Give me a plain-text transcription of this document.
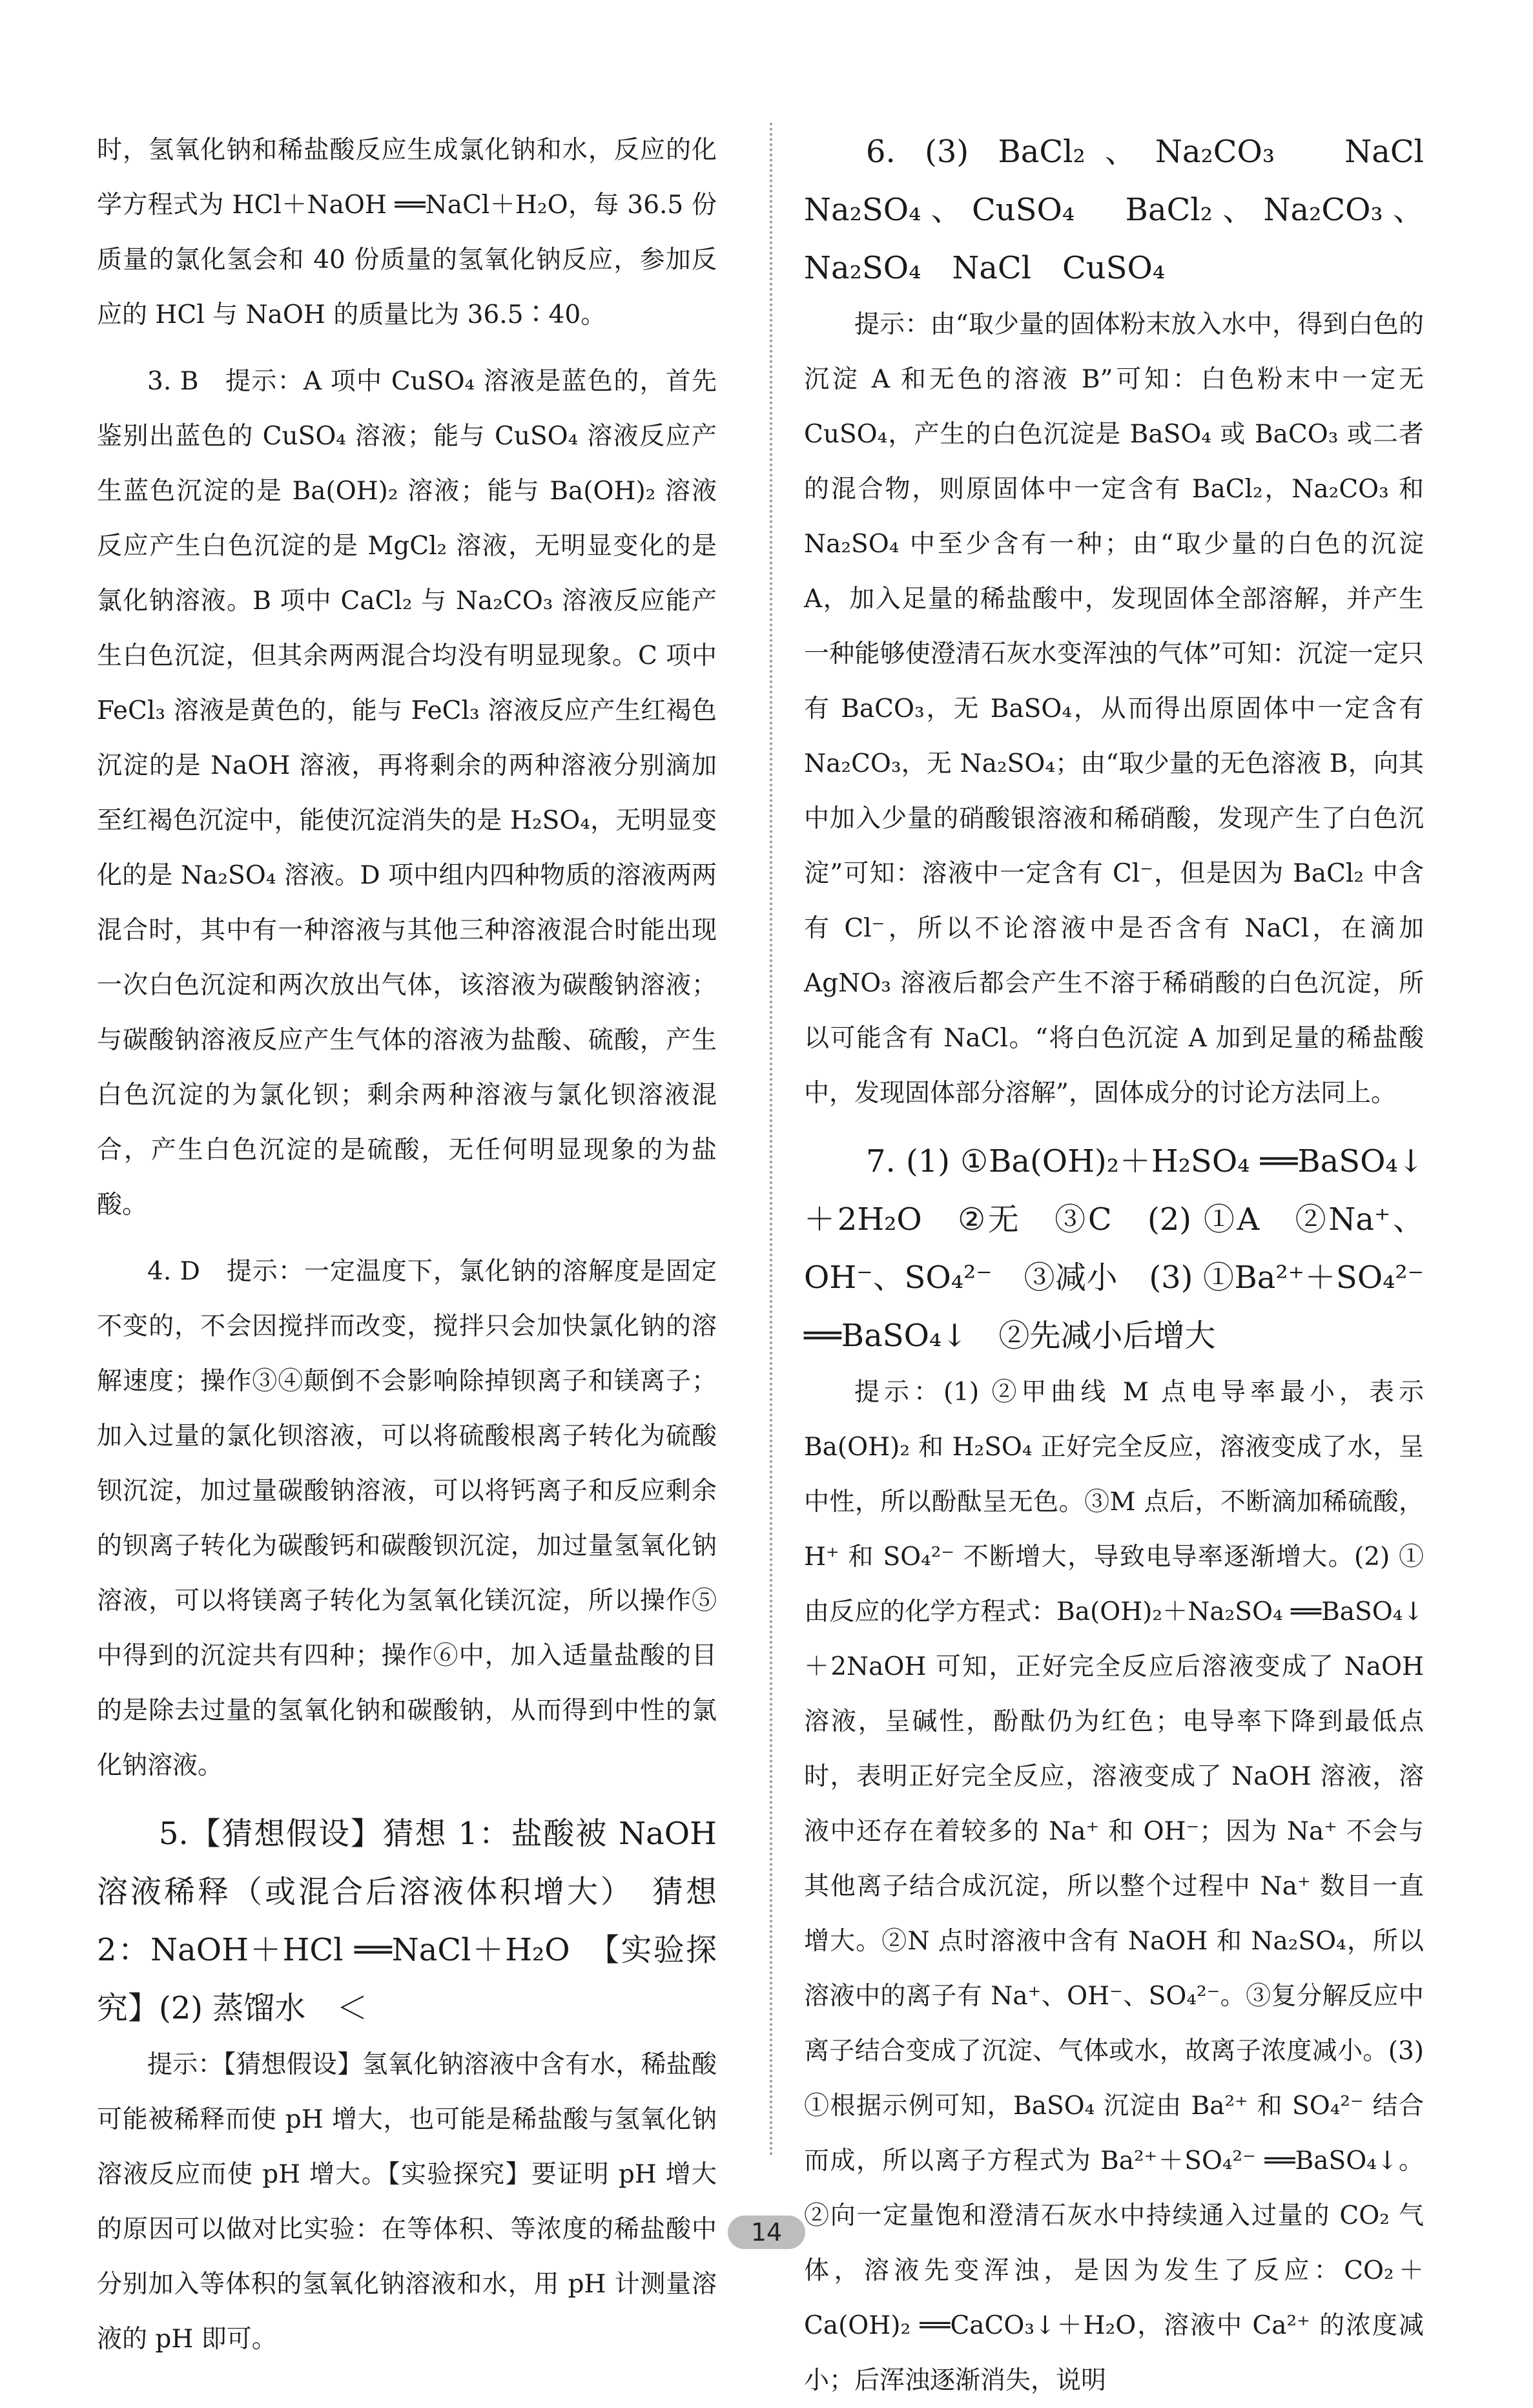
时，氢氧化钠和稀盐酸反应生成氯化钠和水，反应的化学方程式为 HCl＋NaOH ══NaCl＋H₂O，每 36.5 份质量的氯化氢会和 40 份质量的氢氧化钠反应，参加反应的 HCl 与 NaOH 的质量比为 36.5∶40。

3. B　提示：A 项中 CuSO₄ 溶液是蓝色的，首先鉴别出蓝色的 CuSO₄ 溶液；能与 CuSO₄ 溶液反应产生蓝色沉淀的是 Ba(OH)₂ 溶液；能与 Ba(OH)₂ 溶液反应产生白色沉淀的是 MgCl₂ 溶液，无明显变化的是氯化钠溶液。B 项中 CaCl₂ 与 Na₂CO₃ 溶液反应能产生白色沉淀，但其余两两混合均没有明显现象。C 项中 FeCl₃ 溶液是黄色的，能与 FeCl₃ 溶液反应产生红褐色沉淀的是 NaOH 溶液，再将剩余的两种溶液分别滴加至红褐色沉淀中，能使沉淀消失的是 H₂SO₄，无明显变化的是 Na₂SO₄ 溶液。D 项中组内四种物质的溶液两两混合时，其中有一种溶液与其他三种溶液混合时能出现一次白色沉淀和两次放出气体，该溶液为碳酸钠溶液；与碳酸钠溶液反应产生气体的溶液为盐酸、硫酸，产生白色沉淀的为氯化钡；剩余两种溶液与氯化钡溶液混合，产生白色沉淀的是硫酸，无任何明显现象的为盐酸。

4. D　提示：一定温度下，氯化钠的溶解度是固定不变的，不会因搅拌而改变，搅拌只会加快氯化钠的溶解速度；操作③④颠倒不会影响除掉钡离子和镁离子；加入过量的氯化钡溶液，可以将硫酸根离子转化为硫酸钡沉淀，加过量碳酸钠溶液，可以将钙离子和反应剩余的钡离子转化为碳酸钙和碳酸钡沉淀，加过量氢氧化钠溶液，可以将镁离子转化为氢氧化镁沉淀，所以操作⑤中得到的沉淀共有四种；操作⑥中，加入适量盐酸的目的是除去过量的氢氧化钠和碳酸钠，从而得到中性的氯化钠溶液。

5.【猜想假设】猜想 1：盐酸被 NaOH 溶液稀释（或混合后溶液体积增大）　猜想 2：NaOH＋HCl ══NaCl＋H₂O　【实验探究】(2) 蒸馏水　＜

提示：【猜想假设】氢氧化钠溶液中含有水，稀盐酸可能被稀释而使 pH 增大，也可能是稀盐酸与氢氧化钠溶液反应而使 pH 增大。【实验探究】要证明 pH 增大的原因可以做对比实验：在等体积、等浓度的稀盐酸中分别加入等体积的氢氧化钠溶液和水，用 pH 计测量溶液的 pH 即可。

6. (3) BaCl₂、Na₂CO₃　NaCl　Na₂SO₄、CuSO₄　BaCl₂、Na₂CO₃、Na₂SO₄　NaCl　CuSO₄

提示：由“取少量的固体粉末放入水中，得到白色的沉淀 A 和无色的溶液 B”可知：白色粉末中一定无 CuSO₄，产生的白色沉淀是 BaSO₄ 或 BaCO₃ 或二者的混合物，则原固体中一定含有 BaCl₂，Na₂CO₃ 和 Na₂SO₄ 中至少含有一种；由“取少量的白色的沉淀 A，加入足量的稀盐酸中，发现固体全部溶解，并产生一种能够使澄清石灰水变浑浊的气体”可知：沉淀一定只有 BaCO₃，无 BaSO₄，从而得出原固体中一定含有 Na₂CO₃，无 Na₂SO₄；由“取少量的无色溶液 B，向其中加入少量的硝酸银溶液和稀硝酸，发现产生了白色沉淀”可知：溶液中一定含有 Cl⁻，但是因为 BaCl₂ 中含有 Cl⁻，所以不论溶液中是否含有 NaCl，在滴加 AgNO₃ 溶液后都会产生不溶于稀硝酸的白色沉淀，所以可能含有 NaCl。“将白色沉淀 A 加到足量的稀盐酸中，发现固体部分溶解”，固体成分的讨论方法同上。

7. (1) ①Ba(OH)₂＋H₂SO₄ ══BaSO₄↓＋2H₂O　②无　③C　(2) ①A　②Na⁺、OH⁻、SO₄²⁻　③减小　(3) ①Ba²⁺＋SO₄²⁻ ══BaSO₄↓　②先减小后增大

提示：(1) ②甲曲线 M 点电导率最小，表示 Ba(OH)₂ 和 H₂SO₄ 正好完全反应，溶液变成了水，呈中性，所以酚酞呈无色。③M 点后，不断滴加稀硫酸，H⁺ 和 SO₄²⁻ 不断增大，导致电导率逐渐增大。(2) ①由反应的化学方程式：Ba(OH)₂＋Na₂SO₄ ══BaSO₄↓＋2NaOH 可知，正好完全反应后溶液变成了 NaOH 溶液，呈碱性，酚酞仍为红色；电导率下降到最低点时，表明正好完全反应，溶液变成了 NaOH 溶液，溶液中还存在着较多的 Na⁺ 和 OH⁻；因为 Na⁺ 不会与其他离子结合成沉淀，所以整个过程中 Na⁺ 数目一直增大。②N 点时溶液中含有 NaOH 和 Na₂SO₄，所以溶液中的离子有 Na⁺、OH⁻、SO₄²⁻。③复分解反应中离子结合变成了沉淀、气体或水，故离子浓度减小。(3) ①根据示例可知，BaSO₄ 沉淀由 Ba²⁺ 和 SO₄²⁻ 结合而成，所以离子方程式为 Ba²⁺＋SO₄²⁻ ══BaSO₄↓。②向一定量饱和澄清石灰水中持续通入过量的 CO₂ 气体，溶液先变浑浊，是因为发生了反应：CO₂＋Ca(OH)₂ ══CaCO₃↓＋H₂O，溶液中 Ca²⁺ 的浓度减小；后浑浊逐渐消失，说明

14
